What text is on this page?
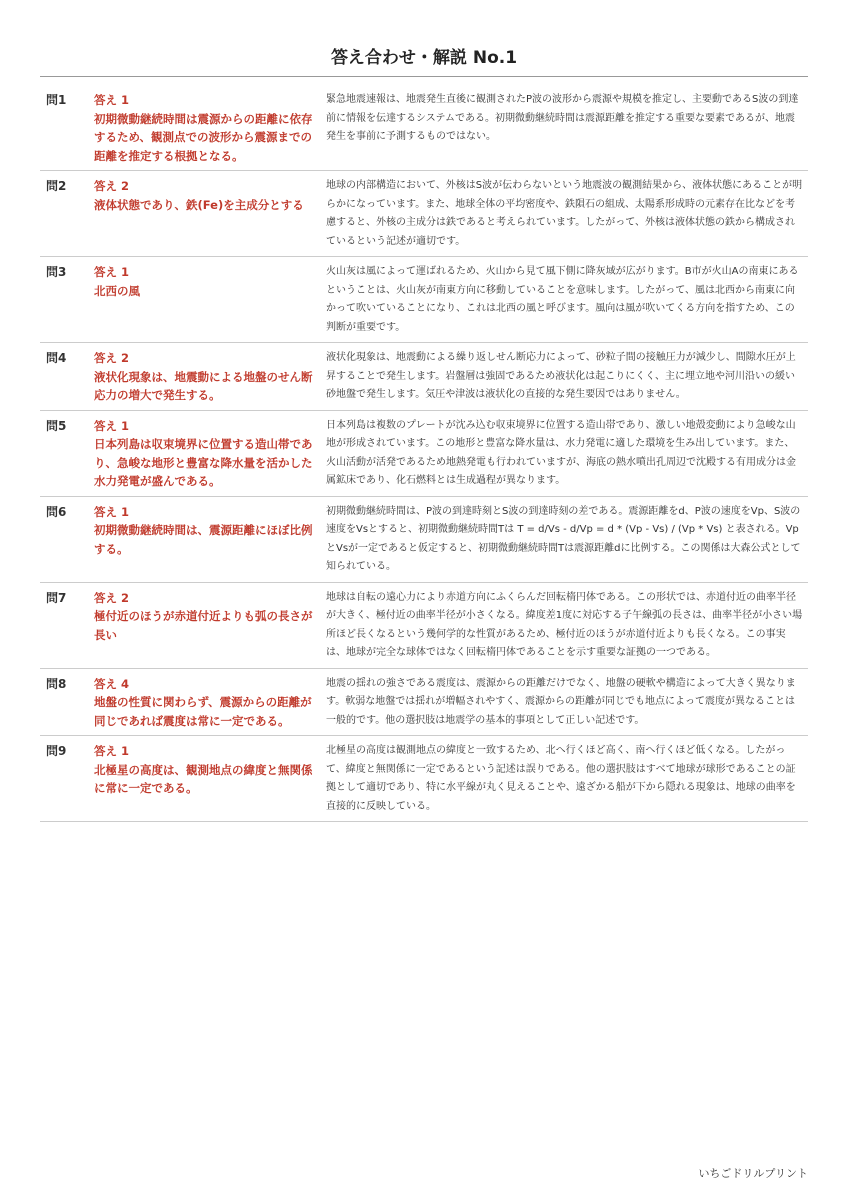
答え合わせ・解説 No.1
問1	答え 1
初期微動継続時間は震源からの距離に依存するため、観測点での波形から震源までの距離を推定する根拠となる。
緊急地震速報は、地震発生直後に観測されたP波の波形から震源や規模を推定し、主要動であるS波の到達前に情報を伝達するシステムである。初期微動継続時間は震源距離を推定する重要な要素であるが、地震発生を事前に予測するものではない。
問2	答え 2
液体状態であり、鉄(Fe)を主成分とする
地球の内部構造において、外核はS波が伝わらないという地震波の観測結果から、液体状態にあることが明らかになっています。また、地球全体の平均密度や、鉄隕石の組成、太陽系形成時の元素存在比などを考慮すると、外核の主成分は鉄であると考えられています。したがって、外核は液体状態の鉄から構成されているという記述が適切です。
問3	答え 1
北西の風
火山灰は風によって運ばれるため、火山から見て風下側に降灰域が広がります。B市が火山Aの南東にあるということは、火山灰が南東方向に移動していることを意味します。したがって、風は北西から南東に向かって吹いていることになり、これは北西の風と呼びます。風向は風が吹いてくる方向を指すため、この判断が重要です。
問4	答え 2
液状化現象は、地震動による地盤のせん断応力の増大で発生する。
液状化現象は、地震動による繰り返しせん断応力によって、砂粒子間の接触圧力が減少し、間隙水圧が上昇することで発生します。岩盤層は強固であるため液状化は起こりにくく、主に埋立地や河川沿いの緩い砂地盤で発生します。気圧や津波は液状化の直接的な発生要因ではありません。
問5	答え 1
日本列島は収束境界に位置する造山帯であり、急峻な地形と豊富な降水量を活かした水力発電が盛んである。
日本列島は複数のプレートが沈み込む収束境界に位置する造山帯であり、激しい地殻変動により急峻な山地が形成されています。この地形と豊富な降水量は、水力発電に適した環境を生み出しています。また、火山活動が活発であるため地熱発電も行われていますが、海底の熱水噴出孔周辺で沈殿する有用成分は金属鉱床であり、化石燃料とは生成過程が異なります。
問6	答え 1
初期微動継続時間は、震源距離にほぼ比例する。
初期微動継続時間は、P波の到達時刻とS波の到達時刻の差である。震源距離をd、P波の速度をVp、S波の速度をVsとすると、初期微動継続時間Tは T = d/Vs - d/Vp = d * (Vp - Vs) / (Vp * Vs) と表される。VpとVsが一定であると仮定すると、初期微動継続時間Tは震源距離dに比例する。この関係は大森公式として知られている。
問7	答え 2
極付近のほうが赤道付近よりも弧の長さが長い
地球は自転の遠心力により赤道方向にふくらんだ回転楕円体である。この形状では、赤道付近の曲率半径が大きく、極付近の曲率半径が小さくなる。緯度差1度に対応する子午線弧の長さは、曲率半径が小さい場所ほど長くなるという幾何学的な性質があるため、極付近のほうが赤道付近よりも長くなる。この事実は、地球が完全な球体ではなく回転楕円体であることを示す重要な証拠の一つである。
問8	答え 4
地盤の性質に関わらず、震源からの距離が同じであれば震度は常に一定である。
地震の揺れの強さである震度は、震源からの距離だけでなく、地盤の硬軟や構造によって大きく異なります。軟弱な地盤では揺れが増幅されやすく、震源からの距離が同じでも地点によって震度が異なることは一般的です。他の選択肢は地震学の基本的事項として正しい記述です。
問9	答え 1
北極星の高度は、観測地点の緯度と無関係に常に一定である。
北極星の高度は観測地点の緯度と一致するため、北へ行くほど高く、南へ行くほど低くなる。したがって、緯度と無関係に一定であるという記述は誤りである。他の選択肢はすべて地球が球形であることの証拠として適切であり、特に水平線が丸く見えることや、遠ざかる船が下から隠れる現象は、地球の曲率を直接的に反映している。
いちごドリルプリント
